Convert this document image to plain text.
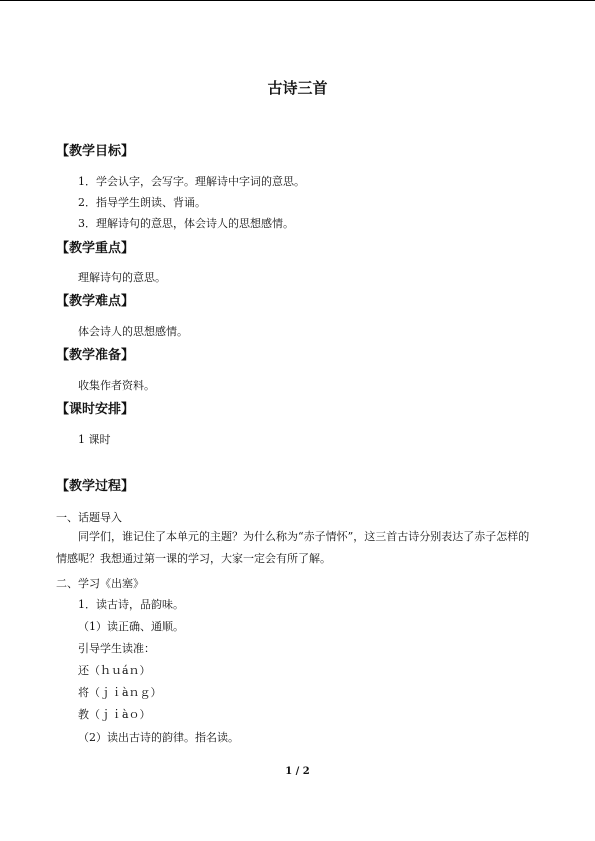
古诗三首
【教学目标】
1．学会认字，会写字。理解诗中字词的意思。
2．指导学生朗读、背诵。
3．理解诗句的意思，体会诗人的思想感情。
【教学重点】
理解诗句的意思。
【教学难点】
体会诗人的思想感情。
【教学准备】
收集作者资料。
【课时安排】
1 课时
【教学过程】
一、话题导入
同学们，谁记住了本单元的主题？为什么称为“赤子情怀”，这三首古诗分别表达了赤子怎样的情感呢？我想通过第一课的学习，大家一定会有所了解。
二、学习《出塞》
1．读古诗，品韵味。
（1）读正确、通顺。
引导学生读准：
还（ｈｕáｎ）
将（ｊｉàｎｇ）
教（ｊｉàｏ）
（2）读出古诗的韵律。指名读。
1 / 2
